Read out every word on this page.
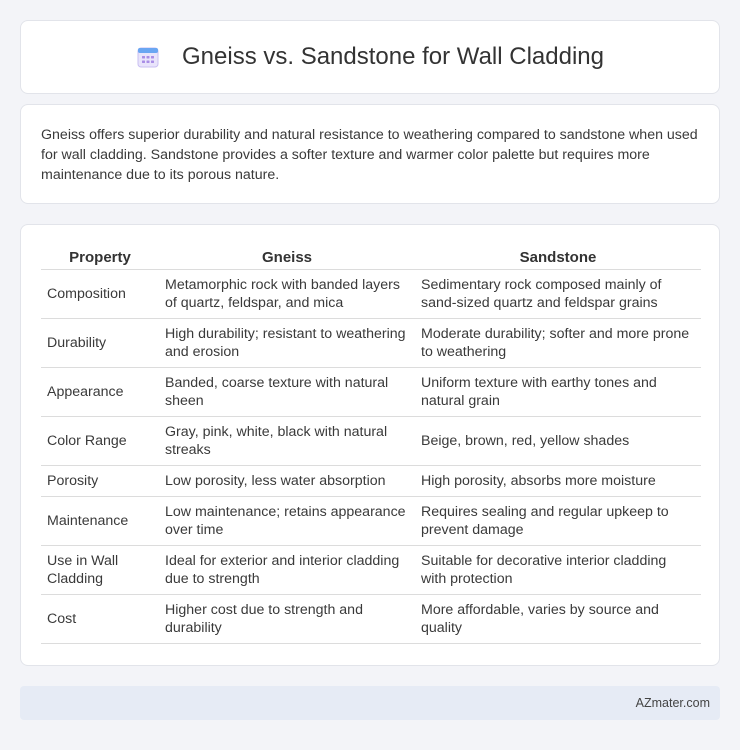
Gneiss vs. Sandstone for Wall Cladding

Gneiss offers superior durability and natural resistance to weathering compared to sandstone when used for wall cladding. Sandstone provides a softer texture and warmer color palette but requires more maintenance due to its porous nature.

Property	Gneiss	Sandstone
Composition	Metamorphic rock with banded layers of quartz, feldspar, and mica	Sedimentary rock composed mainly of sand-sized quartz and feldspar grains
Durability	High durability; resistant to weathering and erosion	Moderate durability; softer and more prone to weathering
Appearance	Banded, coarse texture with natural sheen	Uniform texture with earthy tones and natural grain
Color Range	Gray, pink, white, black with natural streaks	Beige, brown, red, yellow shades
Porosity	Low porosity, less water absorption	High porosity, absorbs more moisture
Maintenance	Low maintenance; retains appearance over time	Requires sealing and regular upkeep to prevent damage
Use in Wall Cladding	Ideal for exterior and interior cladding due to strength	Suitable for decorative interior cladding with protection
Cost	Higher cost due to strength and durability	More affordable, varies by source and quality
AZmater.com
